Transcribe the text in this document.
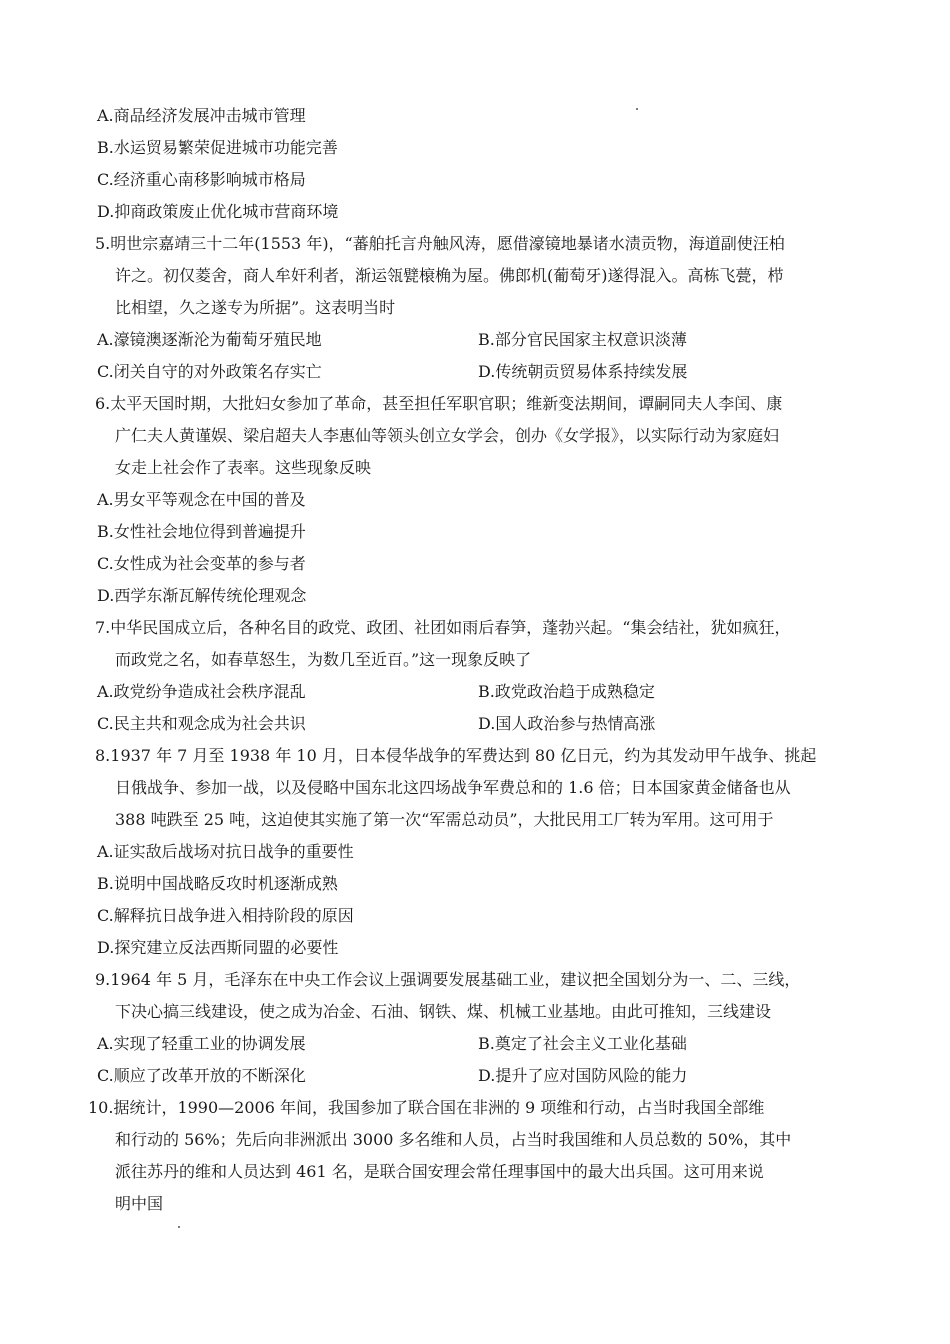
A.商品经济发展冲击城市管理
B.水运贸易繁荣促进城市功能完善
C.经济重心南移影响城市格局
D.抑商政策废止优化城市营商环境
5.明世宗嘉靖三十二年(1553 年)，“蕃舶托言舟触风涛，愿借濠镜地暴诸水渍贡物，海道副使汪柏
许之。初仅菱舍，商人牟奸利者，渐运瓴甓榱桷为屋。佛郎机(葡萄牙)遂得混入。高栋飞甍，栉
比相望，久之遂专为所据”。这表明当时
A.濠镜澳逐渐沦为葡萄牙殖民地	B.部分官民国家主权意识淡薄
C.闭关自守的对外政策名存实亡	D.传统朝贡贸易体系持续发展
6.太平天国时期，大批妇女参加了革命，甚至担任军职官职；维新变法期间，谭嗣同夫人李闰、康
广仁夫人黄谨娱、梁启超夫人李惠仙等领头创立女学会，创办《女学报》，以实际行动为家庭妇
女走上社会作了表率。这些现象反映
A.男女平等观念在中国的普及
B.女性社会地位得到普遍提升
C.女性成为社会变革的参与者
D.西学东渐瓦解传统伦理观念
7.中华民国成立后，各种名目的政党、政团、社团如雨后春笋，蓬勃兴起。“集会结社，犹如疯狂，
而政党之名，如春草怒生，为数几至近百。”这一现象反映了
A.政党纷争造成社会秩序混乱	B.政党政治趋于成熟稳定
C.民主共和观念成为社会共识	D.国人政治参与热情高涨
8.1937 年 7 月至 1938 年 10 月，日本侵华战争的军费达到 80 亿日元，约为其发动甲午战争、挑起
日俄战争、参加一战，以及侵略中国东北这四场战争军费总和的 1.6 倍；日本国家黄金储备也从
388 吨跌至 25 吨，这迫使其实施了第一次“军需总动员”，大批民用工厂转为军用。这可用于
A.证实敌后战场对抗日战争的重要性
B.说明中国战略反攻时机逐渐成熟
C.解释抗日战争进入相持阶段的原因
D.探究建立反法西斯同盟的必要性
9.1964 年 5 月，毛泽东在中央工作会议上强调要发展基础工业，建议把全国划分为一、二、三线，
下决心搞三线建设，使之成为冶金、石油、钢铁、煤、机械工业基地。由此可推知，三线建设
A.实现了轻重工业的协调发展	B.奠定了社会主义工业化基础
C.顺应了改革开放的不断深化	D.提升了应对国防风险的能力
10.据统计，1990—2006 年间，我国参加了联合国在非洲的 9 项维和行动，占当时我国全部维
和行动的 56%；先后向非洲派出 3000 多名维和人员，占当时我国维和人员总数的 50%，其中
派往苏丹的维和人员达到 461 名，是联合国安理会常任理事国中的最大出兵国。这可用来说
明中国
